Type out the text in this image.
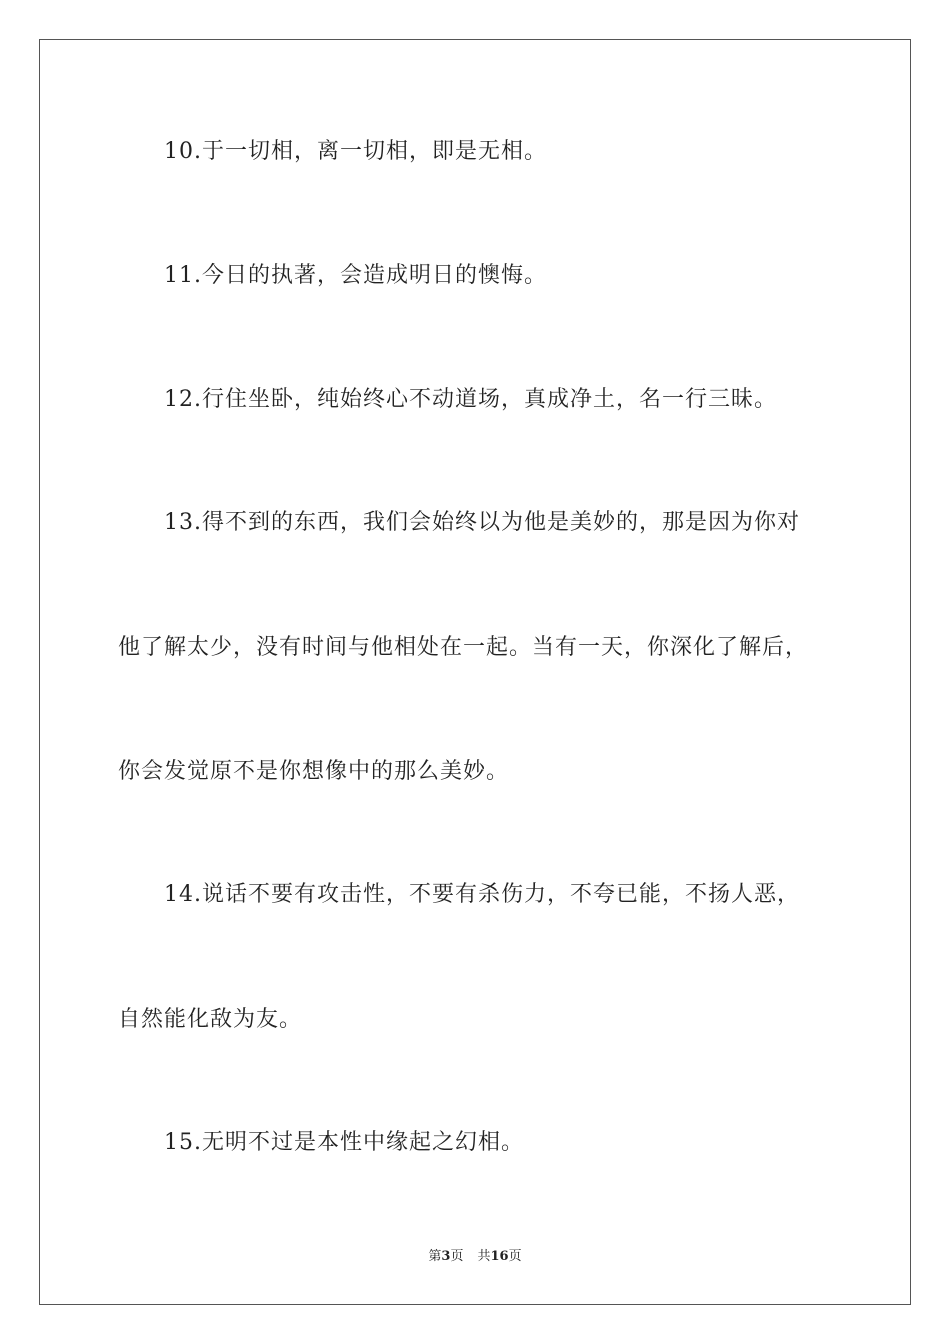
10.于一切相，离一切相，即是无相。
11.今日的执著，会造成明日的懊悔。
12.行住坐卧，纯始终心不动道场，真成净土，名一行三昧。
13.得不到的东西，我们会始终以为他是美妙的，那是因为你对
他了解太少，没有时间与他相处在一起。当有一天，你深化了解后，
你会发觉原不是你想像中的那么美妙。
14.说话不要有攻击性，不要有杀伤力，不夸已能，不扬人恶，
自然能化敌为友。
15.无明不过是本性中缘起之幻相。
第3页 共16页
